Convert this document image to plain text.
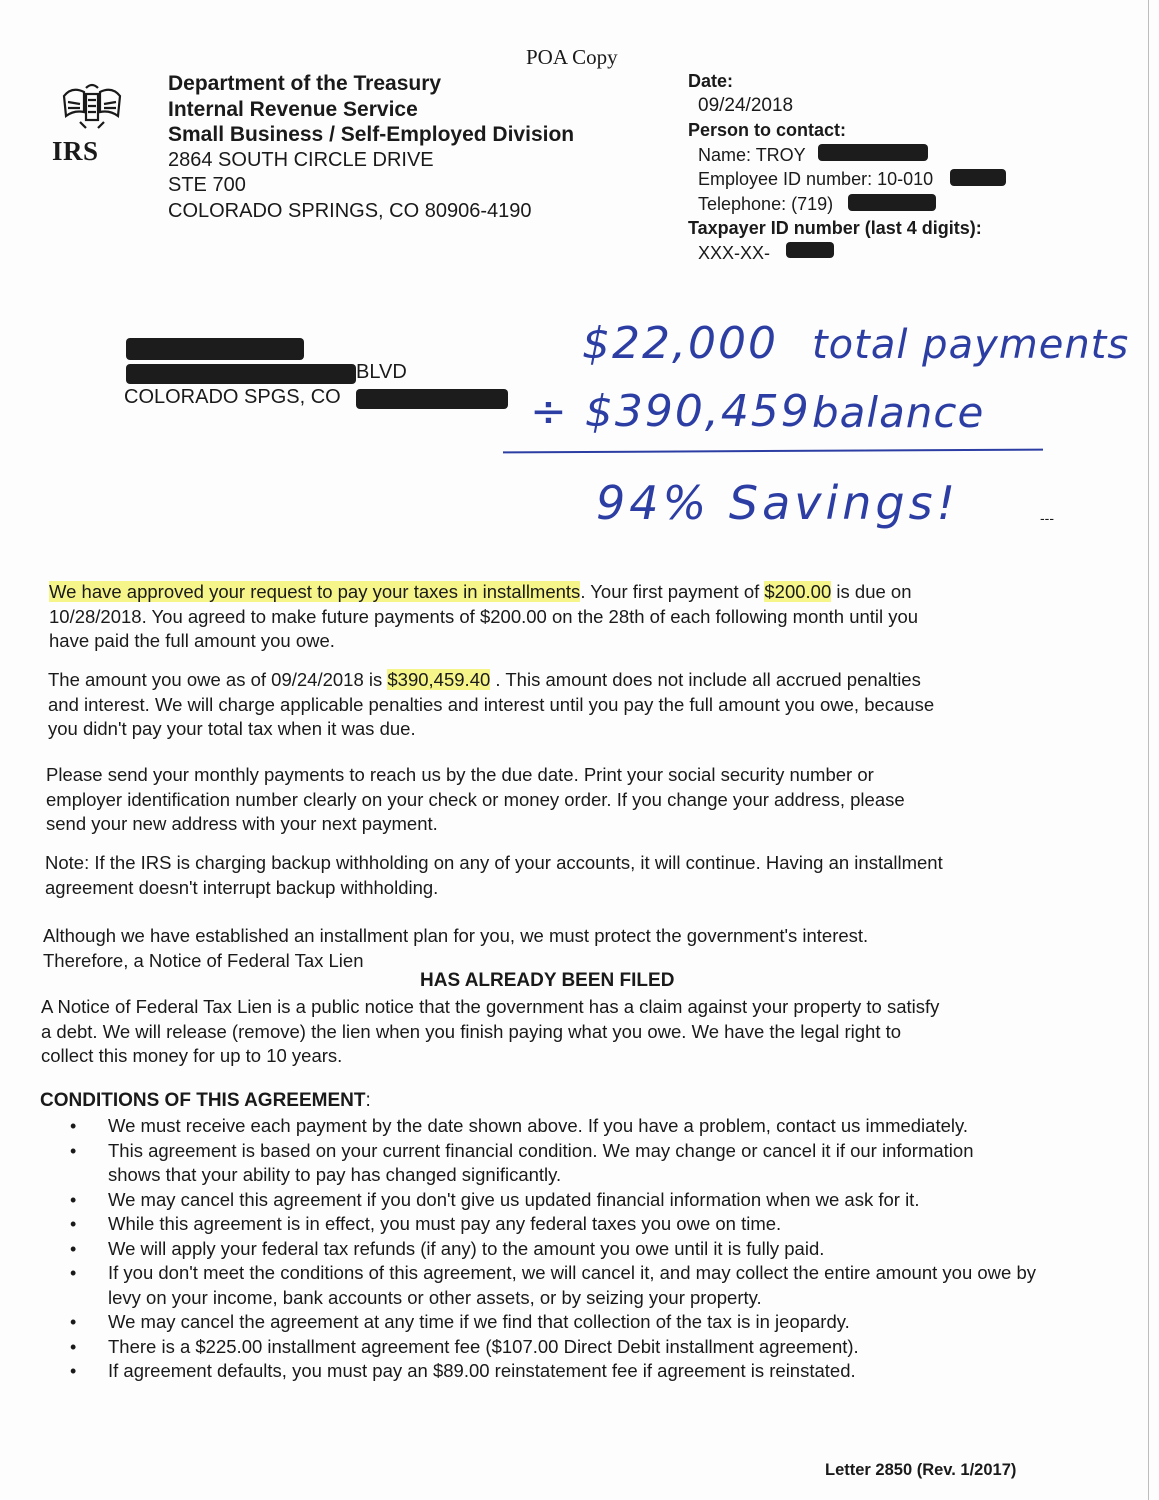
POA Copy
IRS
Department of the Treasury
Internal Revenue Service
Small Business / Self-Employed Division
2864 SOUTH CIRCLE DRIVE
STE 700
COLORADO SPRINGS, CO 80906-4190
Date:
09/24/2018
Person to contact:
Name: TROY
Employee ID number: 10-010
Telephone: (719)
Taxpayer ID number (last 4 digits):
XXX-XX-
BLVD
COLORADO SPGS, CO
$22,000 total payments
÷ $390,459 balance
94% Savings!	---
We have approved your request to pay your taxes in installments. Your first payment of $200.00 is due on
10/28/2018. You agreed to make future payments of $200.00 on the 28th of each following month until you
have paid the full amount you owe.
The amount you owe as of 09/24/2018 is $390,459.40 . This amount does not include all accrued penalties
and interest. We will charge applicable penalties and interest until you pay the full amount you owe, because
you didn't pay your total tax when it was due.
Please send your monthly payments to reach us by the due date. Print your social security number or
employer identification number clearly on your check or money order. If you change your address, please
send your new address with your next payment.
Note: If the IRS is charging backup withholding on any of your accounts, it will continue. Having an installment
agreement doesn't interrupt backup withholding.
Although we have established an installment plan for you, we must protect the government's interest.
Therefore, a Notice of Federal Tax Lien
HAS ALREADY BEEN FILED
A Notice of Federal Tax Lien is a public notice that the government has a claim against your property to satisfy
a debt. We will release (remove) the lien when you finish paying what you owe. We have the legal right to
collect this money for up to 10 years.
CONDITIONS OF THIS AGREEMENT:
• We must receive each payment by the date shown above. If you have a problem, contact us immediately.
• This agreement is based on your current financial condition. We may change or cancel it if our information shows that your ability to pay has changed significantly.
• We may cancel this agreement if you don't give us updated financial information when we ask for it.
• While this agreement is in effect, you must pay any federal taxes you owe on time.
• We will apply your federal tax refunds (if any) to the amount you owe until it is fully paid.
• If you don't meet the conditions of this agreement, we will cancel it, and may collect the entire amount you owe by levy on your income, bank accounts or other assets, or by seizing your property.
• We may cancel the agreement at any time if we find that collection of the tax is in jeopardy.
• There is a $225.00 installment agreement fee ($107.00 Direct Debit installment agreement).
• If agreement defaults, you must pay an $89.00 reinstatement fee if agreement is reinstated.
Letter 2850 (Rev. 1/2017)
